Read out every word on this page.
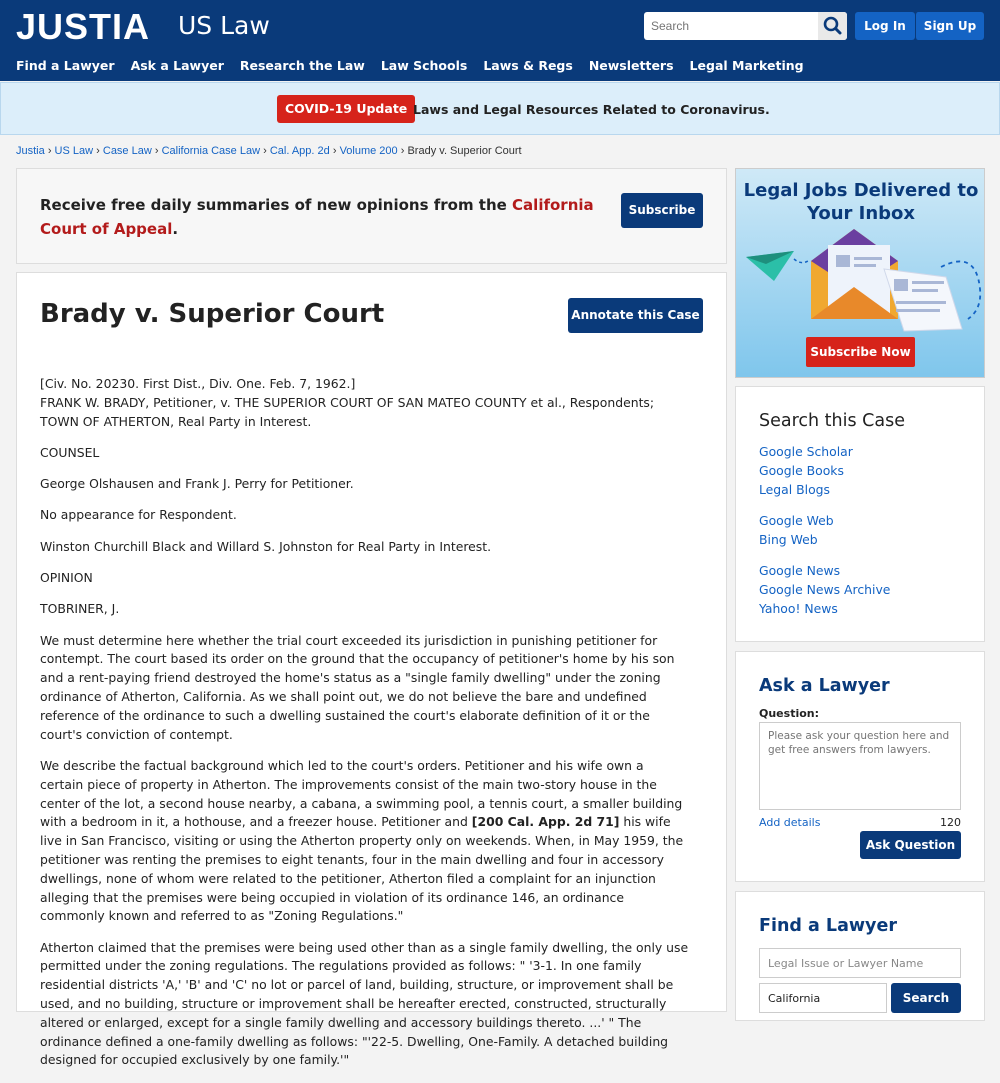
JUSTIA US Law
Search	Log In	Sign Up
Find a Lawyer Ask a Lawyer Research the Law Law Schools Laws & Regs Newsletters Legal Marketing
COVID-19 Update Laws and Legal Resources Related to Coronavirus.
Justia › US Law › Case Law › California Case Law › Cal. App. 2d › Volume 200 › Brady v. Superior Court
Receive free daily summaries of new opinions from the California Court of Appeal.
Subscribe
Brady v. Superior Court	Annotate this Case

[Civ. No. 20230. First Dist., Div. One. Feb. 7, 1962.]

FRANK W. BRADY, Petitioner, v. THE SUPERIOR COURT OF SAN MATEO COUNTY et al., Respondents; TOWN OF ATHERTON, Real Party in Interest.

COUNSEL

George Olshausen and Frank J. Perry for Petitioner.

No appearance for Respondent.

Winston Churchill Black and Willard S. Johnston for Real Party in Interest.

OPINION

TOBRINER, J.

We must determine here whether the trial court exceeded its jurisdiction in punishing petitioner for contempt. The court based its order on the ground that the occupancy of petitioner's home by his son and a rent-paying friend destroyed the home's status as a "single family dwelling" under the zoning ordinance of Atherton, California. As we shall point out, we do not believe the bare and undefined reference of the ordinance to such a dwelling sustained the court's elaborate definition of it or the court's conviction of contempt.

We describe the factual background which led to the court's orders. Petitioner and his wife own a certain piece of property in Atherton. The improvements consist of the main two-story house in the center of the lot, a second house nearby, a cabana, a swimming pool, a tennis court, a smaller building with a bedroom in it, a hothouse, and a freezer house. Petitioner and [200 Cal. App. 2d 71] his wife live in San Francisco, visiting or using the Atherton property only on weekends. When, in May 1959, the petitioner was renting the premises to eight tenants, four in the main dwelling and four in accessory dwellings, none of whom were related to the petitioner, Atherton filed a complaint for an injunction alleging that the premises were being occupied in violation of its ordinance 146, an ordinance commonly known and referred to as "Zoning Regulations."

Atherton claimed that the premises were being used other than as a single family dwelling, the only use permitted under the zoning regulations. The regulations provided as follows: " '3-1. In one family residential districts 'A,' 'B' and 'C' no lot or parcel of land, building, structure, or improvement shall be used, and no building, structure or improvement shall be hereafter erected, constructed, structurally altered or enlarged, except for a single family dwelling and accessory buildings thereto. ...' " The ordinance defined a one-family dwelling as follows: "'22-5. Dwelling, One-Family. A detached building designed for occupied exclusively by one family.'"

Legal Jobs Delivered to Your Inbox
Subscribe Now
Search this Case
Google Scholar
Google Books
Legal Blogs
Google Web
Bing Web
Google News
Google News Archive
Yahoo! News
Ask a Lawyer
Question:
Please ask your question here and get free answers from lawyers.
Add details	120
Ask Question
Find a Lawyer
Legal Issue or Lawyer Name
California	Search
